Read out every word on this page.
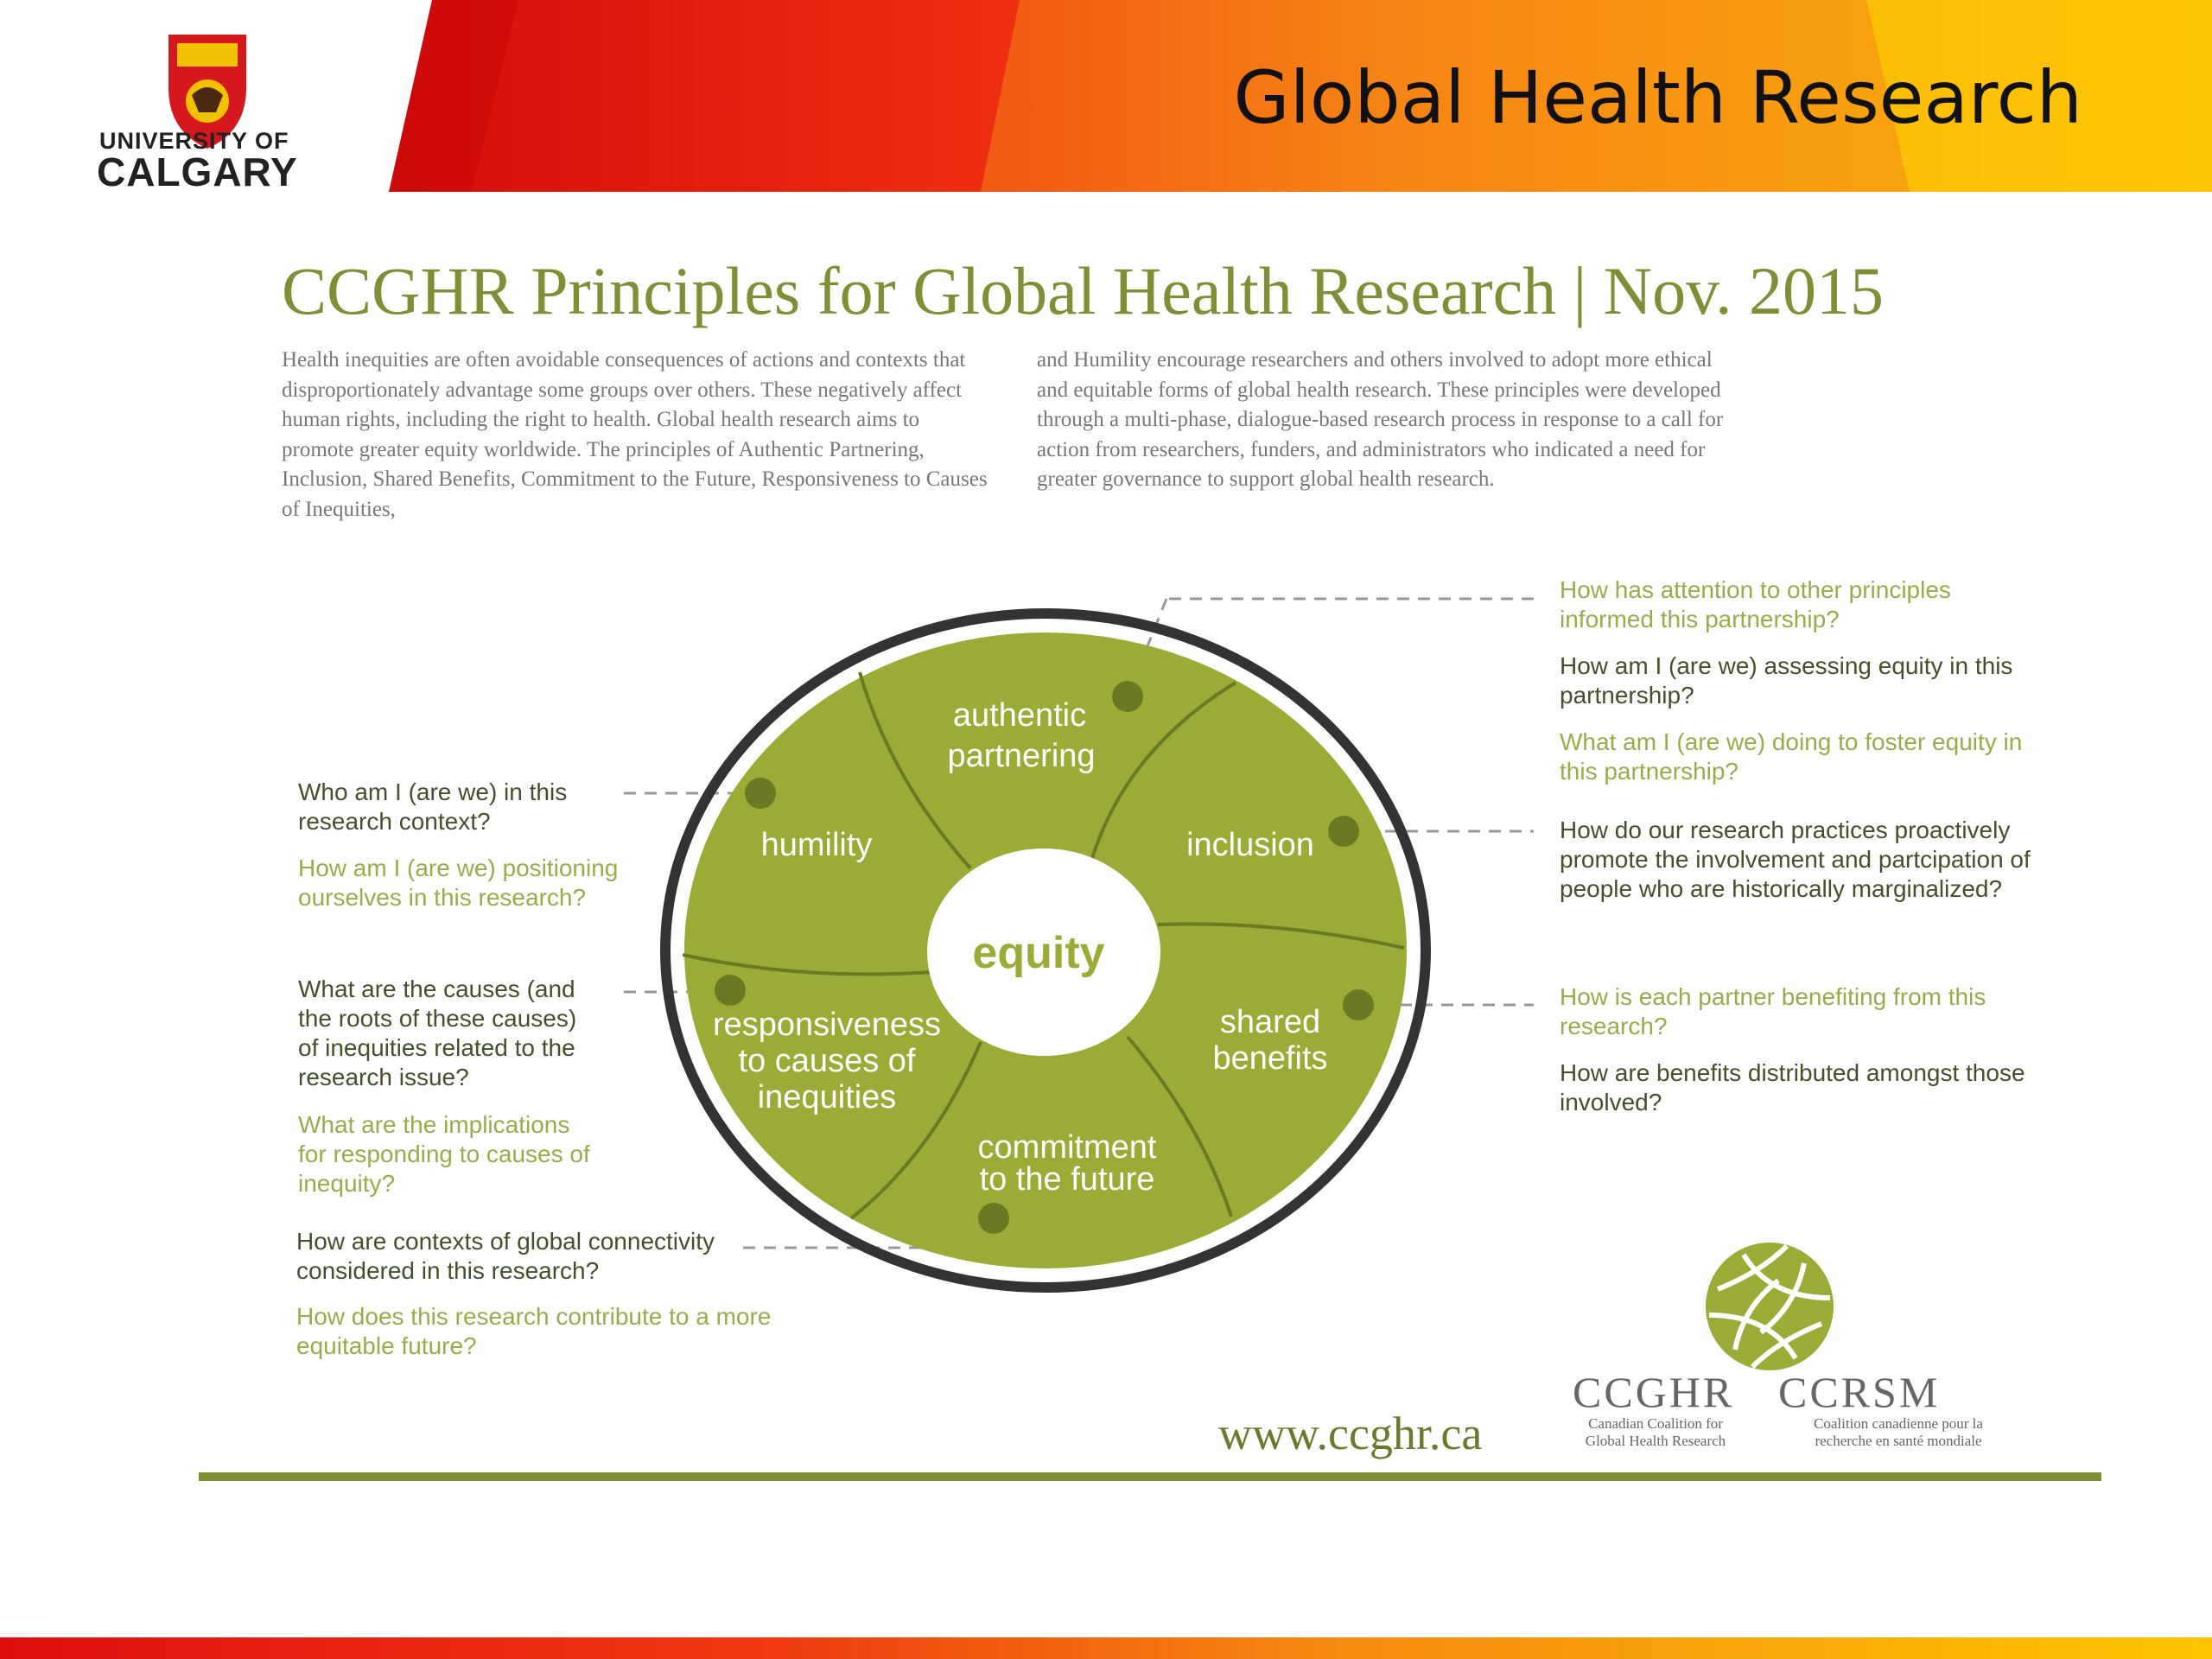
Global Health Research
UNIVERSITY OF
CALGARY
CCGHR Principles for Global Health Research | Nov. 2015
Health inequities are often avoidable consequences of actions and contexts that disproportionately advantage some groups over others. These negatively affect human rights, including the right to health. Global health research aims to promote greater equity worldwide. The principles of Authentic Partnering, Inclusion, Shared Benefits, Commitment to the Future, Responsiveness to Causes of Inequities,
and Humility encourage researchers and others involved to adopt more ethical and equitable forms of global health research. These principles were developed through a multi-phase, dialogue-based research process in response to a call for action from researchers, funders, and administrators who indicated a need for greater governance to support global health research.
equity
authentic
partnering
humility	inclusion
responsiveness
to causes of
inequities
shared
benefits
commitment
to the future
Who am I (are we) in this research context?
How am I (are we) positioning ourselves in this research?
What are the causes (and the roots of these causes) of inequities related to the research issue?
What are the implications for responding to causes of inequity?
How are contexts of global connectivity considered in this research?
How does this research contribute to a more equitable future?
How has attention to other principles informed this partnership?
How am I (are we) assessing equity in this partnership?
What am I (are we) doing to foster equity in this partnership?
How do our research practices proactively promote the involvement and partcipation of people who are historically marginalized?
How is each partner benefiting from this research?
How are benefits distributed amongst those involved?
www.ccghr.ca
CCGHR CCRSM
Canadian Coalition for
Global Health Research
Coalition canadienne pour la
recherche en santé mondiale
